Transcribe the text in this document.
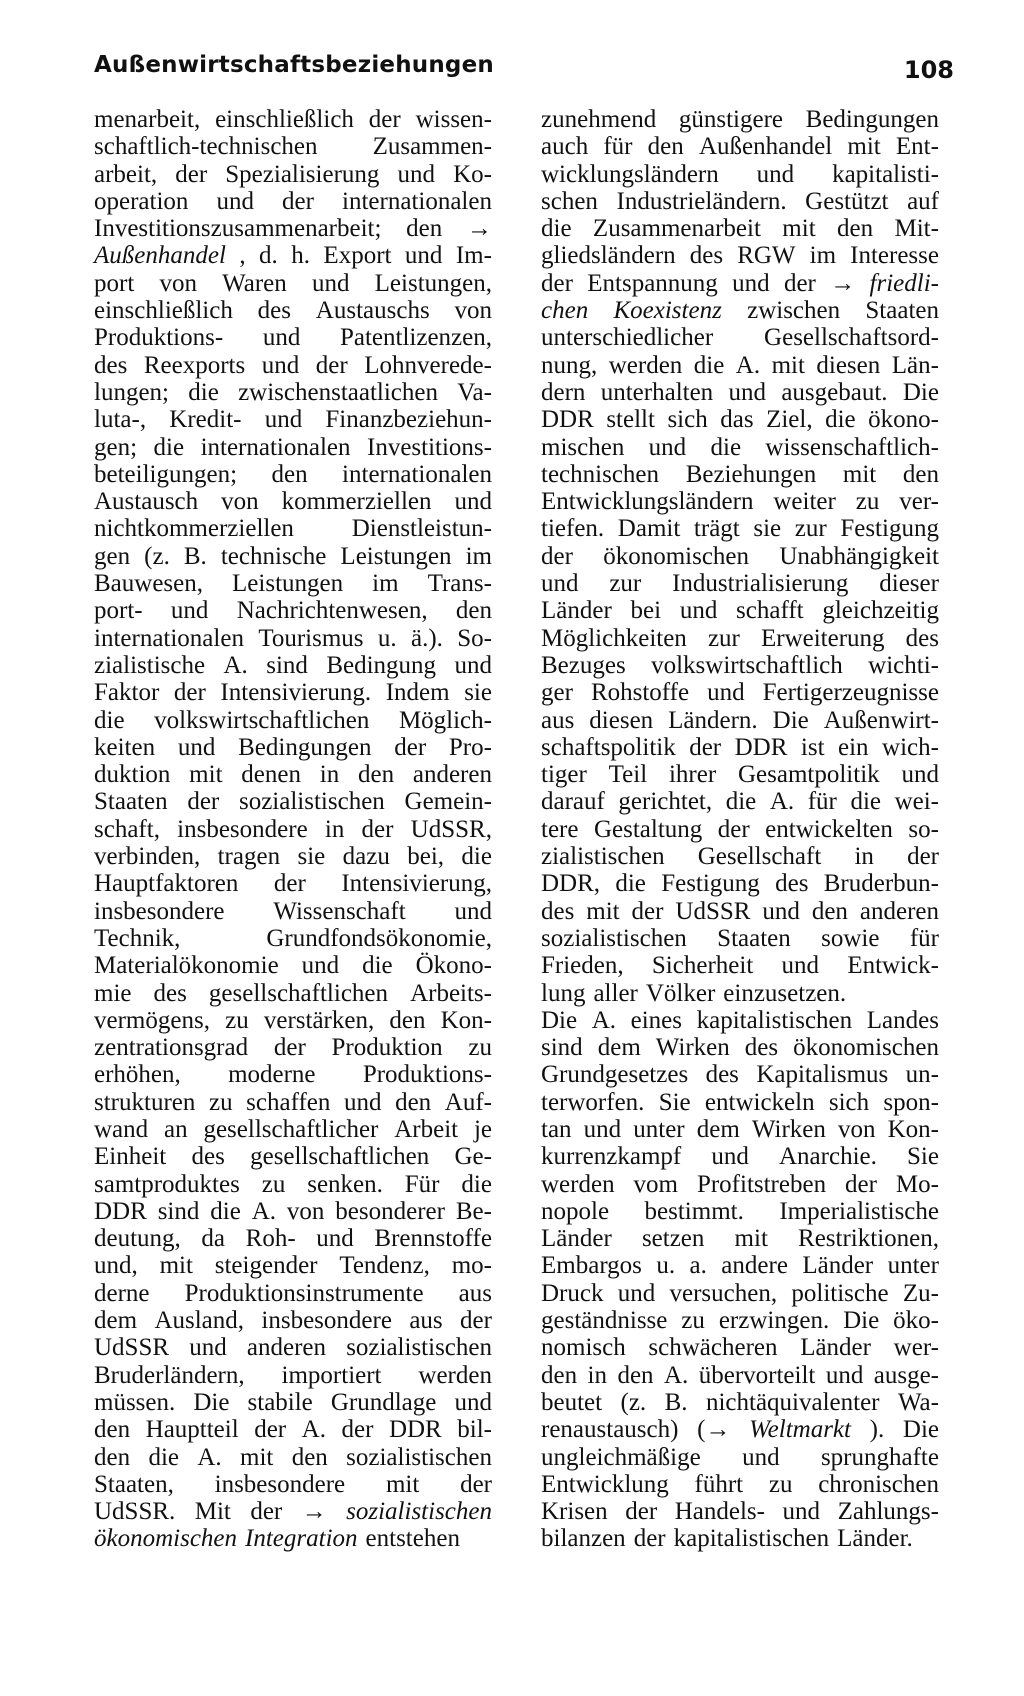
Außenwirtschaftsbeziehungen	108
menarbeit, einschließlich der wissen-
schaftlich-technischen Zusammen-
arbeit, der Spezialisierung und Ko-
operation und der internationalen
Investitionszusammenarbeit; den →
Außenhandel , d. h. Export und Im-
port von Waren und Leistungen,
einschließlich des Austauschs von
Produktions- und Patentlizenzen,
des Reexports und der Lohnverede-
lungen; die zwischenstaatlichen Va-
luta-, Kredit- und Finanzbeziehun-
gen; die internationalen Investitions-
beteiligungen; den internationalen
Austausch von kommerziellen und
nichtkommerziellen Dienstleistun-
gen (z. B. technische Leistungen im
Bauwesen, Leistungen im Trans-
port- und Nachrichtenwesen, den
internationalen Tourismus u. ä.). So-
zialistische A. sind Bedingung und
Faktor der Intensivierung. Indem sie
die volkswirtschaftlichen Möglich-
keiten und Bedingungen der Pro-
duktion mit denen in den anderen
Staaten der sozialistischen Gemein-
schaft, insbesondere in der UdSSR,
verbinden, tragen sie dazu bei, die
Hauptfaktoren der Intensivierung,
insbesondere Wissenschaft und
Technik,	Grundfondsökonomie,
Materialökonomie und die Ökono-
mie des gesellschaftlichen Arbeits-
vermögens, zu verstärken, den Kon-
zentrationsgrad der Produktion zu
erhöhen, moderne Produktions-
strukturen zu schaffen und den Auf-
wand an gesellschaftlicher Arbeit je
Einheit des gesellschaftlichen Ge-
samtproduktes zu senken. Für die
DDR sind die A. von besonderer Be-
deutung, da Roh- und Brennstoffe
und, mit steigender Tendenz, mo-
derne Produktionsinstrumente aus
dem Ausland, insbesondere aus der
UdSSR und anderen sozialistischen
Bruderländern, importiert werden
müssen. Die stabile Grundlage und
den Hauptteil der A. der DDR bil-
den die A. mit den sozialistischen
Staaten, insbesondere mit der
UdSSR. Mit der → sozialistischen
ökonomischen Integration entstehen
zunehmend günstigere Bedingungen
auch für den Außenhandel mit Ent-
wicklungsländern und kapitalisti-
schen Industrieländern. Gestützt auf
die Zusammenarbeit mit den Mit-
gliedsländern des RGW im Interesse
der Entspannung und der → friedli-
chen Koexistenz zwischen Staaten
unterschiedlicher Gesellschaftsord-
nung, werden die A. mit diesen Län-
dern unterhalten und ausgebaut. Die
DDR stellt sich das Ziel, die ökono-
mischen und die wissenschaftlich-
technischen Beziehungen mit den
Entwicklungsländern weiter zu ver-
tiefen. Damit trägt sie zur Festigung
der ökonomischen Unabhängigkeit
und zur Industrialisierung dieser
Länder bei und schafft gleichzeitig
Möglichkeiten zur Erweiterung des
Bezuges volkswirtschaftlich wichti-
ger Rohstoffe und Fertigerzeugnisse
aus diesen Ländern. Die Außenwirt-
schaftspolitik der DDR ist ein wich-
tiger Teil ihrer Gesamtpolitik und
darauf gerichtet, die A. für die wei-
tere Gestaltung der entwickelten so-
zialistischen Gesellschaft in der
DDR, die Festigung des Bruderbun-
des mit der UdSSR und den anderen
sozialistischen Staaten sowie für
Frieden, Sicherheit und Entwick-
lung aller Völker einzusetzen.
Die A. eines kapitalistischen Landes
sind dem Wirken des ökonomischen
Grundgesetzes des Kapitalismus un-
terworfen. Sie entwickeln sich spon-
tan und unter dem Wirken von Kon-
kurrenzkampf und Anarchie. Sie
werden vom Profitstreben der Mo-
nopole bestimmt. Imperialistische
Länder setzen mit Restriktionen,
Embargos u. a. andere Länder unter
Druck und versuchen, politische Zu-
geständnisse zu erzwingen. Die öko-
nomisch schwächeren Länder wer-
den in den A. übervorteilt und ausge-
beutet (z. B. nichtäquivalenter Wa-
renaustausch) (→ Weltmarkt ). Die
ungleichmäßige und sprunghafte
Entwicklung führt zu chronischen
Krisen der Handels- und Zahlungs-
bilanzen der kapitalistischen Länder.
